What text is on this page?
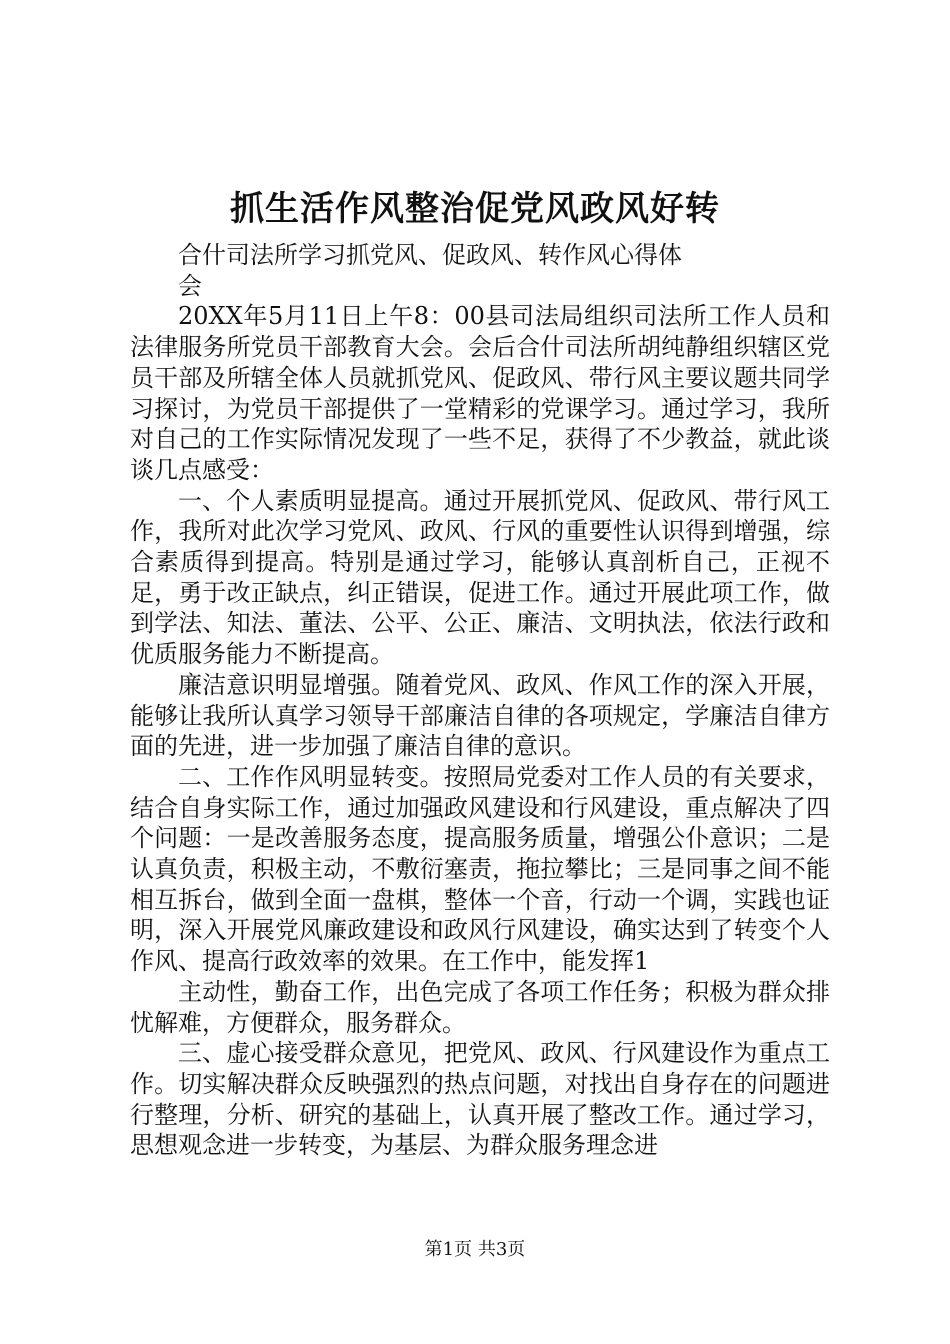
抓生活作风整治促党风政风好转

合什司法所学习抓党风、促政风、转作风心得体会

20XX年5月11日上午8：00县司法局组织司法所工作人员和法律服务所党员干部教育大会。会后合什司法所胡纯静组织辖区党员干部及所辖全体人员就抓党风、促政风、带行风主要议题共同学习探讨，为党员干部提供了一堂精彩的党课学习。通过学习，我所对自己的工作实际情况发现了一些不足，获得了不少教益，就此谈谈几点感受：

一、个人素质明显提高。通过开展抓党风、促政风、带行风工作，我所对此次学习党风、政风、行风的重要性认识得到增强，综合素质得到提高。特别是通过学习，能够认真剖析自己，正视不足，勇于改正缺点，纠正错误，促进工作。通过开展此项工作，做到学法、知法、董法、公平、公正、廉洁、文明执法，依法行政和优质服务能力不断提高。

廉洁意识明显增强。随着党风、政风、作风工作的深入开展，能够让我所认真学习领导干部廉洁自律的各项规定，学廉洁自律方面的先进，进一步加强了廉洁自律的意识。

二、工作作风明显转变。按照局党委对工作人员的有关要求，结合自身实际工作，通过加强政风建设和行风建设，重点解决了四个问题：一是改善服务态度，提高服务质量，增强公仆意识；二是认真负责，积极主动，不敷衍塞责，拖拉攀比；三是同事之间不能相互拆台，做到全面一盘棋，整体一个音，行动一个调，实践也证明，深入开展党风廉政建设和政风行风建设，确实达到了转变个人作风、提高行政效率的效果。在工作中，能发挥1

主动性，勤奋工作，出色完成了各项工作任务；积极为群众排忧解难，方便群众，服务群众。

三、虚心接受群众意见，把党风、政风、行风建设作为重点工作。切实解决群众反映强烈的热点问题，对找出自身存在的问题进行整理，分析、研究的基础上，认真开展了整改工作。通过学习，思想观念进一步转变，为基层、为群众服务理念进

第1页 共3页
